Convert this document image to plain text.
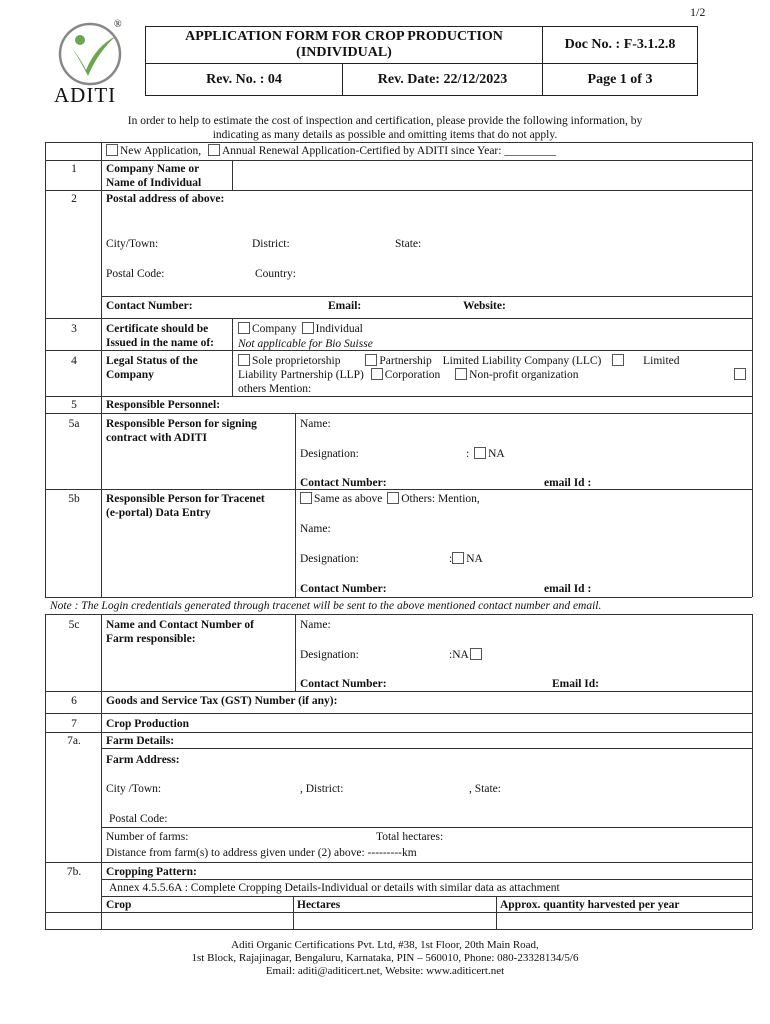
1/2
®
ADITI
APPLICATION FORM FOR CROP PRODUCTION
(INDIVIDUAL)
Doc No. : F-3.1.2.8
Rev. No. : 04	Rev. Date: 22/12/2023	Page 1 of 3
In order to help to estimate the cost of inspection and certification, please provide the following information, by
indicating as many details as possible and omitting items that do not apply.
New Application, Annual Renewal Application-Certified by ADITI since Year: _________
1	Company Name or
Name of Individual
2	Postal address of above:
City/Town:	District:	State:
Postal Code:	Country:
Contact Number:	Email:	Website:
3	Certificate should be
Issued in the name of:
Company Individual
Not applicable for Bio Suisse
4	Legal Status of the
Company
Sole proprietorship	Partnership Limited Liability Company (LLC)	Limited
Liability Partnership (LLP) Corporation	Non-profit organization
others Mention:
5	Responsible Personnel:
5a	Responsible Person for signing
contract with ADITI
Name:
Designation:	: NA
Contact Number:	email Id :
5b	Responsible Person for Tracenet
(e-portal) Data Entry
Same as above Others: Mention,
Name:
Designation:	: NA
Contact Number:	email Id :
Note : The Login credentials generated through tracenet will be sent to the above mentioned contact number and email.
5c	Name and Contact Number of
Farm responsible:
Name:
Designation:	:NA
Contact Number:	Email Id:
6	Goods and Service Tax (GST) Number (if any):
7	Crop Production
7a.	Farm Details:
Farm Address:
City /Town:	, District:	, State:
Postal Code:
Number of farms:	Total hectares:
Distance from farm(s) to address given under (2) above: ---------km
7b.	Cropping Pattern:
Annex 4.5.5.6A : Complete Cropping Details-Individual or details with similar data as attachment
Crop	Hectares	Approx. quantity harvested per year
Aditi Organic Certifications Pvt. Ltd, #38, 1st Floor, 20th Main Road,
1st Block, Rajajinagar, Bengaluru, Karnataka, PIN – 560010, Phone: 080-23328134/5/6
Email: aditi@aditicert.net, Website: www.aditicert.net
